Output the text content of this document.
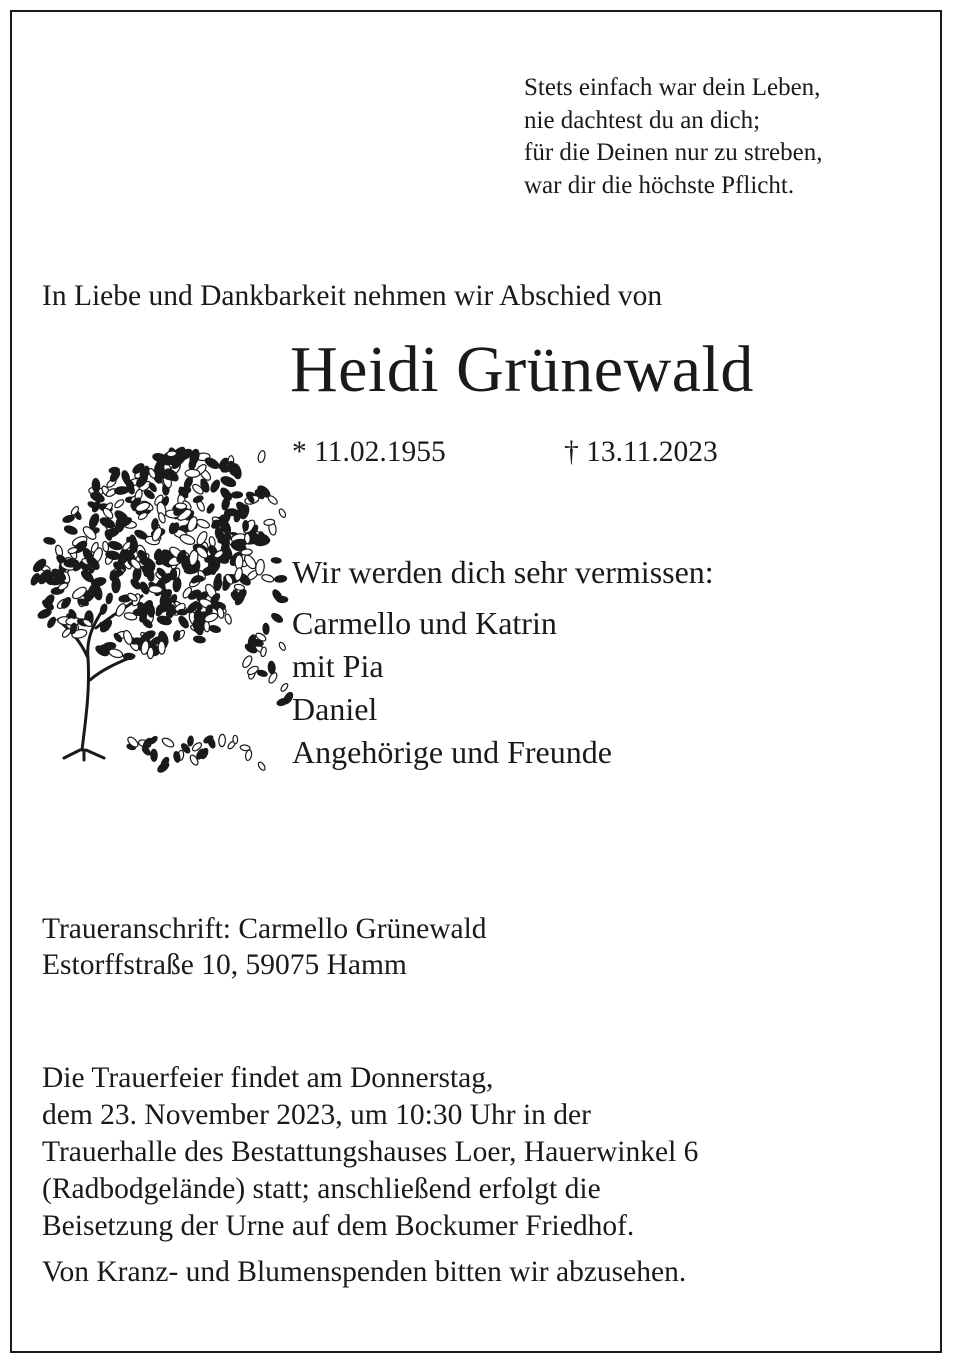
Stets einfach war dein Leben,
nie dachtest du an dich;
für die Deinen nur zu streben,
war dir die höchste Pflicht.
In Liebe und Dankbarkeit nehmen wir Abschied von
Heidi Grünewald
* 11.02.1955	† 13.11.2023
Wir werden dich sehr vermissen:
Carmello und Katrin
mit Pia
Daniel
Angehörige und Freunde
Traueranschrift: Carmello Grünewald
Estorffstraße 10, 59075 Hamm
Die Trauerfeier findet am Donnerstag,
dem 23. November 2023, um 10:30 Uhr in der
Trauerhalle des Bestattungshauses Loer, Hauerwinkel 6
(Radbodgelände) statt; anschließend erfolgt die
Beisetzung der Urne auf dem Bockumer Friedhof.
Von Kranz- und Blumenspenden bitten wir abzusehen.
